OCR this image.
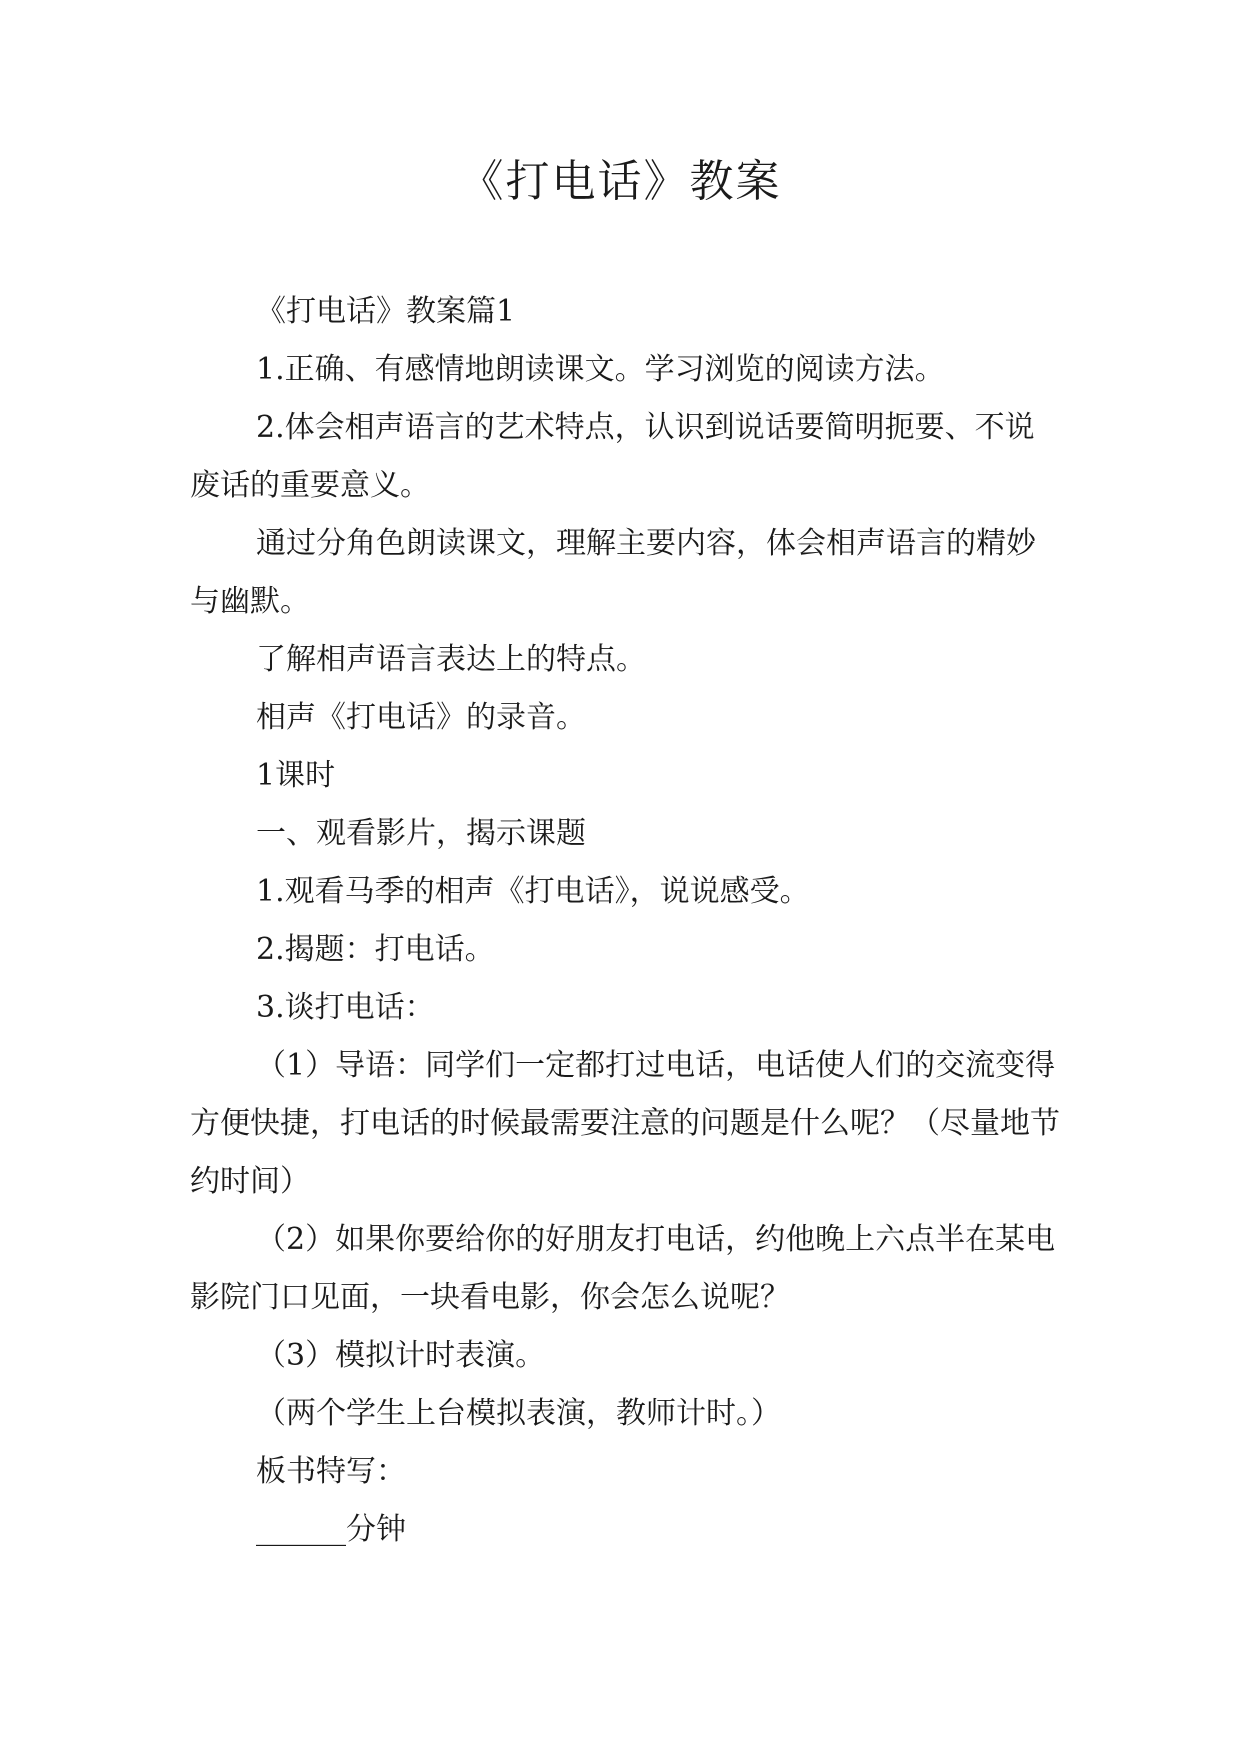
《打电话》教案

《打电话》教案篇1

1.正确、有感情地朗读课文。学习浏览的阅读方法。

2.体会相声语言的艺术特点，认识到说话要简明扼要、不说废话的重要意义。

通过分角色朗读课文，理解主要内容，体会相声语言的精妙与幽默。

了解相声语言表达上的特点。

相声《打电话》的录音。

1课时

一、观看影片，揭示课题

1.观看马季的相声《打电话》，说说感受。

2.揭题：打电话。

3.谈打电话：

（1）导语：同学们一定都打过电话，电话使人们的交流变得方便快捷，打电话的时候最需要注意的问题是什么呢？（尽量地节约时间）

（2）如果你要给你的好朋友打电话，约他晚上六点半在某电影院门口见面，一块看电影，你会怎么说呢？

（3）模拟计时表演。

（两个学生上台模拟表演，教师计时。）

板书特写：

______分钟
